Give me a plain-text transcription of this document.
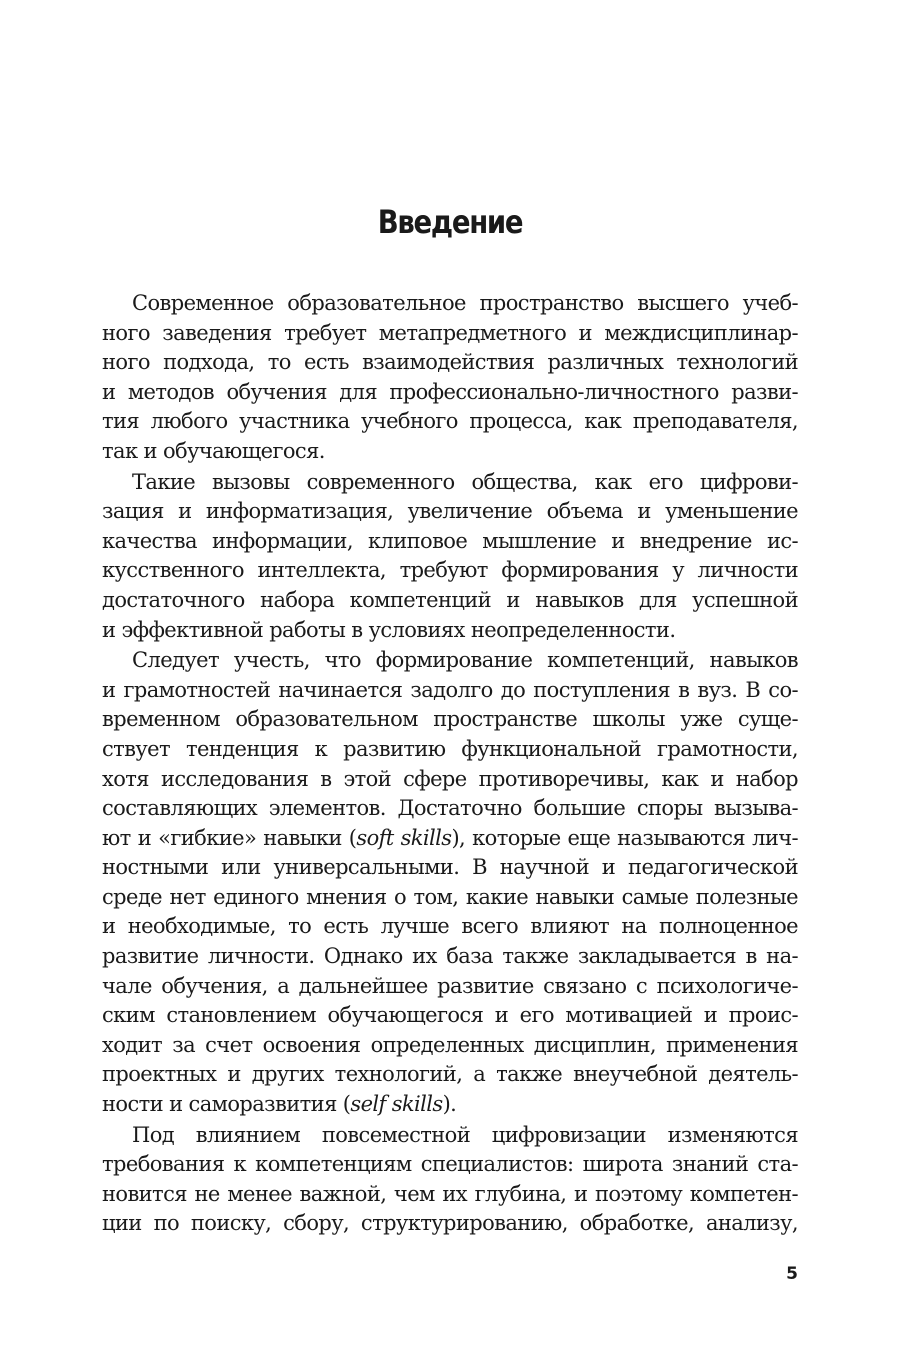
Введение
Современное образовательное пространство высшего учеб-
ного заведения требует метапредметного и междисциплинар-
ного подхода, то есть взаимодействия различных технологий
и методов обучения для профессионально-личностного разви-
тия любого участника учебного процесса, как преподавателя,
так и обучающегося.
Такие вызовы современного общества, как его цифрови-
зация и информатизация, увеличение объема и уменьшение
качества информации, клиповое мышление и внедрение ис-
кусственного интеллекта, требуют формирования у личности
достаточного набора компетенций и навыков для успешной
и эффективной работы в условиях неопределенности.
Следует учесть, что формирование компетенций, навыков
и грамотностей начинается задолго до поступления в вуз. В со-
временном образовательном пространстве школы уже суще-
ствует тенденция к развитию функциональной грамотности,
хотя исследования в этой сфере противоречивы, как и набор
составляющих элементов. Достаточно большие споры вызыва-
ют и «гибкие» навыки (soft skills), которые еще называются лич-
ностными или универсальными. В научной и педагогической
среде нет единого мнения о том, какие навыки самые полезные
и необходимые, то есть лучше всего влияют на полноценное
развитие личности. Однако их база также закладывается в на-
чале обучения, а дальнейшее развитие связано с психологиче-
ским становлением обучающегося и его мотивацией и проис-
ходит за счет освоения определенных дисциплин, применения
проектных и других технологий, а также внеучебной деятель-
ности и саморазвития (self skills).
Под влиянием повсеместной цифровизации изменяются
требования к компетенциям специалистов: широта знаний ста-
новится не менее важной, чем их глубина, и поэтому компетен-
ции по поиску, сбору, структурированию, обработке, анализу,

5
